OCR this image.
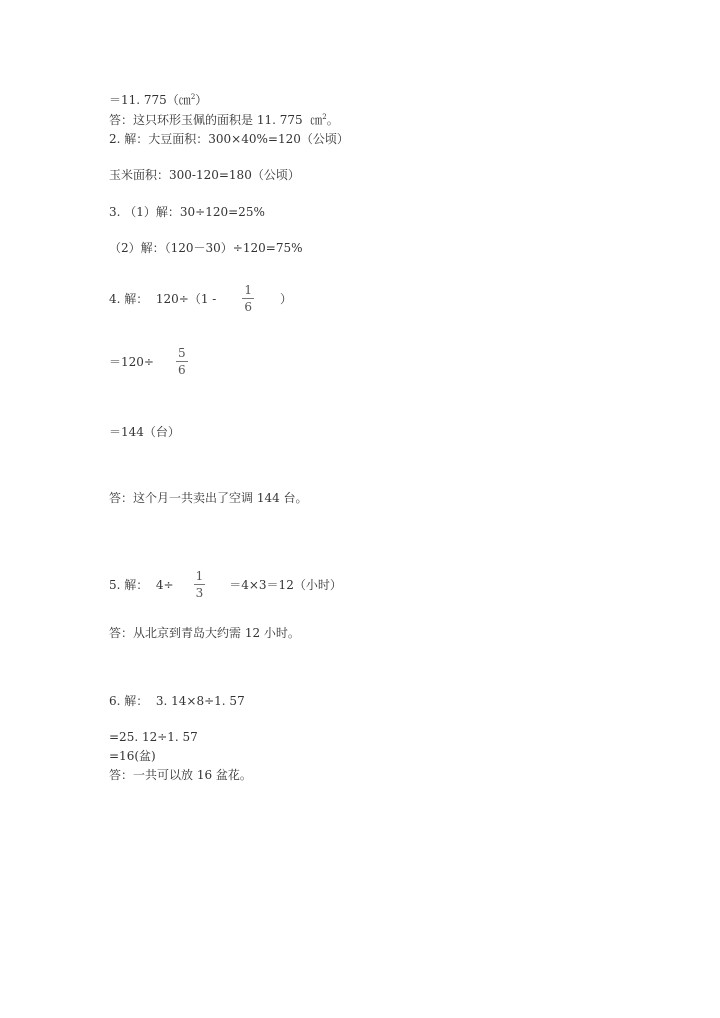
＝11. 775（㎝$^2$）
答：这只环形玉佩的面积是 11. 775  ㎝$^2$。
2. 解：大豆面积：300×40%=120（公顷）
玉米面积：300-120=180（公顷）
3. （1）解：30÷120=25%
（2）解：（120－30）÷120=75%
4. 解：  $120\div(1 - \frac{1}{6}$ ）
$=120\div \frac{5}{6}$
＝144（台）
答：这个月一共卖出了空调 144 台。
5. 解：  $4\div \frac{1}{3} =4\times 3=12$（小时）
答：从北京到青岛大约需 12 小时。
6. 解：  3. 14×8÷1. 57
=25. 12÷1. 57
=16(盆)
答：一共可以放 16 盆花。
